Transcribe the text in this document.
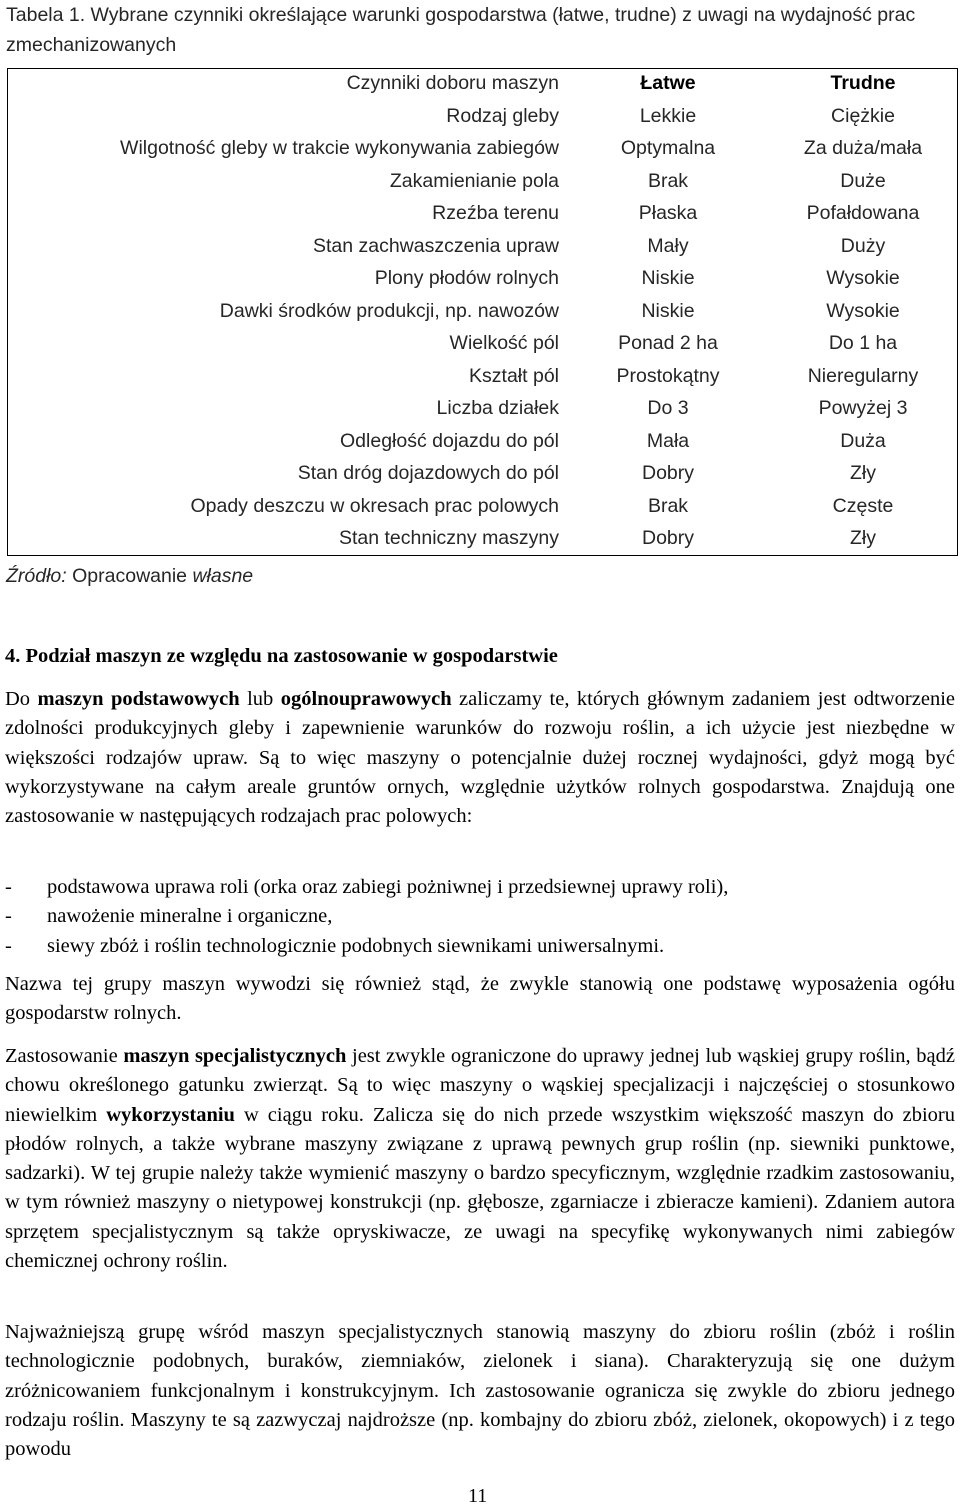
Tabela 1. Wybrane czynniki określające warunki gospodarstwa (łatwe, trudne) z uwagi na wydajność prac zmechanizowanych
Czynniki doboru maszyn	Łatwe	Trudne
Rodzaj gleby	Lekkie	Ciężkie
Wilgotność gleby w trakcie wykonywania zabiegów	Optymalna	Za duża/mała
Zakamienianie pola	Brak	Duże
Rzeźba terenu	Płaska	Pofałdowana
Stan zachwaszczenia upraw	Mały	Duży
Plony płodów rolnych	Niskie	Wysokie
Dawki środków produkcji, np. nawozów	Niskie	Wysokie
Wielkość pól	Ponad 2 ha	Do 1 ha
Kształt pól	Prostokątny	Nieregularny
Liczba działek	Do 3	Powyżej 3
Odległość dojazdu do pól	Mała	Duża
Stan dróg dojazdowych do pól	Dobry	Zły
Opady deszczu w okresach prac polowych	Brak	Częste
Stan techniczny maszyny	Dobry	Zły
Źródło: Opracowanie własne
4. Podział maszyn ze względu na zastosowanie w gospodarstwie

Do maszyn podstawowych lub ogólnouprawowych zaliczamy te, których głównym zadaniem jest odtworzenie zdolności produkcyjnych gleby i zapewnienie warunków do rozwoju roślin, a ich użycie jest niezbędne w większości rodzajów upraw. Są to więc maszyny o potencjalnie dużej rocznej wydajności, gdyż mogą być wykorzystywane na całym areale gruntów ornych, względnie użytków rolnych gospodarstwa. Znajdują one zastosowanie w następujących rodzajach prac polowych:

-	podstawowa uprawa roli (orka oraz zabiegi pożniwnej i przedsiewnej uprawy roli),
-	nawożenie mineralne i organiczne,
-	siewy zbóż i roślin technologicznie podobnych siewnikami uniwersalnymi.

Nazwa tej grupy maszyn wywodzi się również stąd, że zwykle stanowią one podstawę wyposażenia ogółu gospodarstw rolnych.

Zastosowanie maszyn specjalistycznych jest zwykle ograniczone do uprawy jednej lub wąskiej grupy roślin, bądź chowu określonego gatunku zwierząt. Są to więc maszyny o wąskiej specjalizacji i najczęściej o stosunkowo niewielkim wykorzystaniu w ciągu roku. Zalicza się do nich przede wszystkim większość maszyn do zbioru płodów rolnych, a także wybrane maszyny związane z uprawą pewnych grup roślin (np. siewniki punktowe, sadzarki). W tej grupie należy także wymienić maszyny o bardzo specyficznym, względnie rzadkim zastosowaniu, w tym również maszyny o nietypowej konstrukcji (np. głębosze, zgarniacze i zbieracze kamieni). Zdaniem autora sprzętem specjalistycznym są także opryskiwacze, ze uwagi na specyfikę wykonywanych nimi zabiegów chemicznej ochrony roślin.

Najważniejszą grupę wśród maszyn specjalistycznych stanowią maszyny do zbioru roślin (zbóż i roślin technologicznie podobnych, buraków, ziemniaków, zielonek i siana). Charakteryzują się one dużym zróżnicowaniem funkcjonalnym i konstrukcyjnym. Ich zastosowanie ogranicza się zwykle do zbioru jednego rodzaju roślin. Maszyny te są zazwyczaj najdroższe (np. kombajny do zbioru zbóż, zielonek, okopowych) i z tego powodu

11
